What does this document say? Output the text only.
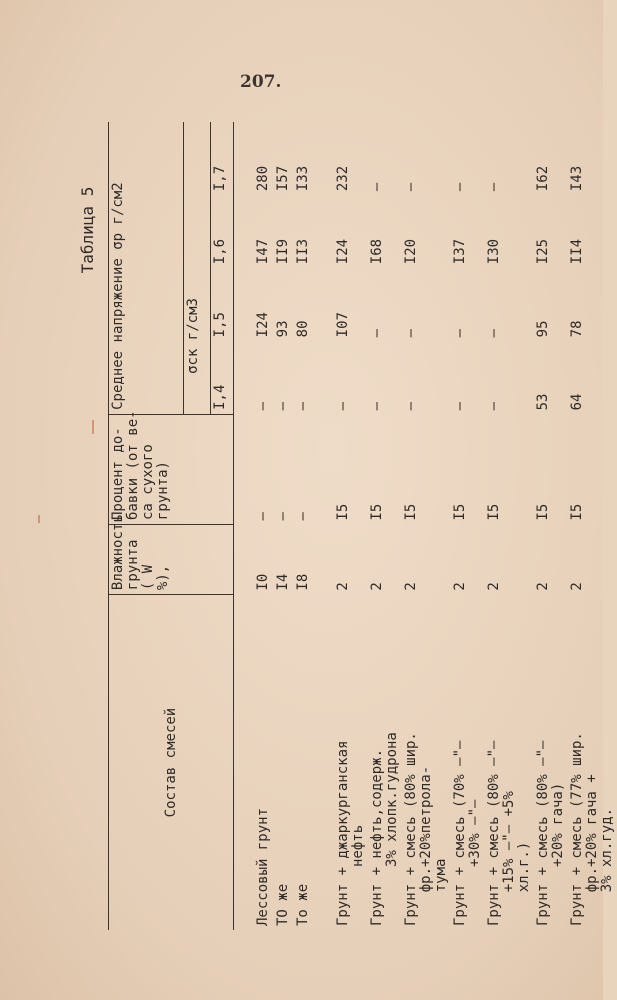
207.
Таблица 5
Состав смесей	Влажность
грунта
( W
%),	Процент до-
бавки (от ве-
са сухого
грунта)	Среднее напряжение σp г/см2			
			σск г/см3			
			I,4	I,5	I,6	I,7
Лессовый грунт	I0	–	–	I24	I47	280
ТО же	I4	–	–	93	II9	I57
То же	I8	–	–	80	II3	I33
Грунт + джаркурганская
нефть	2	I5	–	I07	I24	232
Грунт + нефть,содерж.
3% хлопк.гудрона	2	I5	–	–	I68	–
Грунт + смесь (80% шир.
фр.+20%петрола-
тума	2	I5	–	–	I20	–
Грунт + смесь (70% –"–
+30% –"–	2	I5	–	–	I37	–
Грунт + смесь (80% –"–
+15% –"– +5%
хл.г.)	2	I5	–	–	I30	–
Грунт + смесь (80% –"–
+20% гача)	2	I5	53	95	I25	I62
Грунт + смесь (77% шир.
фр.+20% гача +
3% хл.гуд.	2	I5	64	78	II4	I43
